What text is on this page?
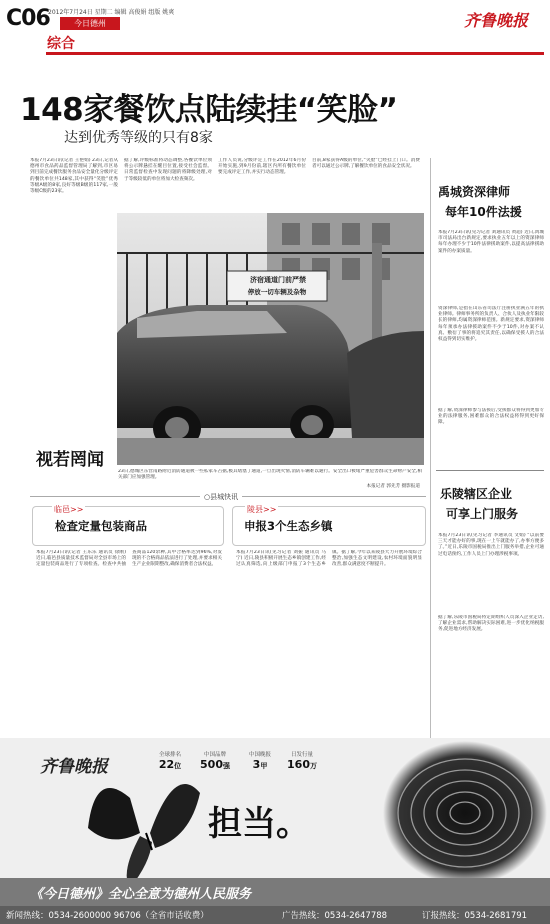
C06
2012年7月24日 星期二 编辑 高俊娟 组版 姚爽
今日德州
综合
齐鲁晚报
148家餐饮点陆续挂“笑脸”
达到优秀等级的只有8家
本报7月23日讯(记者 王艳娟) 23日,记者从德州市食品药品监督管理局了解到,市区易到目前完成餐饮服务食品安全量化分级评定的餐饮单位共148家,其中获得“笑脸”优秀等级A级的8家,良好等级B级的117家,一般等级C级的23家。
据了解,评级标准将动态调整,各餐饮单位须将公示牌悬挂在醒目位置,接受社会监督。日常监督检查中发现问题的将降级处理,对于等级较低的单位将加大检查频次。
工作人员说,分级评定工作在2012年6月份开始实施,到9月份前,辖区内所有餐饮单位要完成评定工作,并实行动态管理。
目前,8家获得A级的单位,“笑脸”已经挂上门口。消费者可以通过公示牌,了解餐饮单位的食品安全状况。
济宿通道门前严禁
停放一切车辆及杂物
视若罔闻
23日,德城区东营南路附近消防通道被一些私家车占据,极其堵塞了通道,一旦出现火情,消防车辆难以通行。安全出口被堵严重危害群众生命财产安全,相关部门应加强管理。
本报记者 郭先芳 摄影报道
禹城资深律师
每年10件法援
本报7月23日讯(见习记者 刘通讯员 黄超) 近日,禹城市司法局出台新规定,要求执业五年以上的资深律师每年办理不少于10件法律援助案件,以提高法律援助案件的办案质量。
资深律师,是指在山东省司法厅注册执业满五年的执业律师。律师事务所的负责人、合伙人及执业年限较长的律师,均属资深律师范围。新规定要求,资深律师每年须承办法律援助案件不少于10件,对办案不认真、敷衍了事的将追究其责任,以确保受援人的合法权益得到切实维护。
据了解,资深律师参与法援后,受援群众将得到更加专业的法律服务,困难群众的合法权益将得到更好保障。
乐陵辖区企业
可享上门服务
本报7月23日讯(见习记者 李通讯员 文娟) “以前要三天才能办好的事,现在一上午就能办了,办事方便多了。”近日,乐陵市国税局推出上门服务举措,企业可通过电话预约,工作人员上门办理涉税事项。
据了解,乐陵市国税局将定期组织人员深入企业走访,了解企业需求,帮助解决实际困难,进一步优化纳税服务,促进地方经济发展。
○县城快讯
临邑>>
检查定量包装商品
本报7月23日讯(记者 王乐乐 通讯员 徐刚) 近日,临邑县质量技术监督局对全县市场上的定量包装商品进行了专项检查。检查中共抽查商品120余种,其中合格率达到96%,对发现的不合格商品依法进行了处理,并要求相关生产企业限期整改,确保消费者合法权益。
陵县>>
申报3个生态乡镇
本报7月23日讯(见习记者 刘振 通讯员 马宁) 近日,陵县积极开展生态乡镇创建工作,经过认真筛选,向上级部门申报了3个生态乡镇。据了解,今年以来陵县大力开展环境综合整治,加强生态文明建设,农村环境面貌明显改善,群众满意度不断提升。
齐鲁晚报
全球排名
22位
中国品牌
500强
中国晚报
3甲
日发行量
160万
担当。
《今日德州》全心全意为德州人民服务
新闻热线：0534-2600000 96706（全省市话收费）	广告热线：0534-2647788	订报热线：0534-2681791
